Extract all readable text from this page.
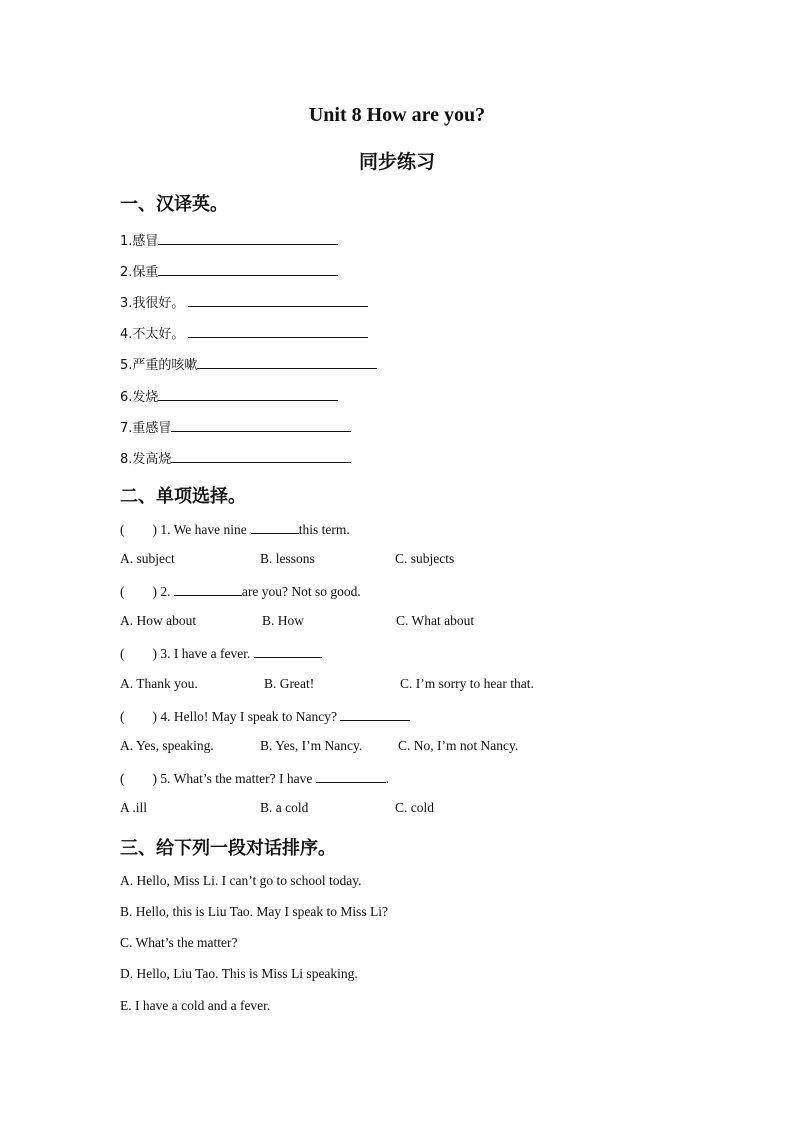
Unit 8 How are you?
同步练习
一、汉译英。
1.感冒
2.保重
3.我很好。
4.不太好。
5.严重的咳嗽
6.发烧
7.重感冒
8.发高烧
二、单项选择。
( ) 1. We have nine	this term.
A. subject	B. lessons	C. subjects
( ) 2.	are you? Not so good.
A. How about	B. How	C. What about
( ) 3. I have a fever.
A. Thank you.	B. Great!	C. I’m sorry to hear that.
( ) 4. Hello! May I speak to Nancy?
A. Yes, speaking.	B. Yes, I’m Nancy.	C. No, I’m not Nancy.
( ) 5. What’s the matter? I have	.
A .ill	B. a cold	C. cold
三、给下列一段对话排序。
A. Hello, Miss Li. I can’t go to school today.
B. Hello, this is Liu Tao. May I speak to Miss Li?
C. What’s the matter?
D. Hello, Liu Tao. This is Miss Li speaking.
E. I have a cold and a fever.
